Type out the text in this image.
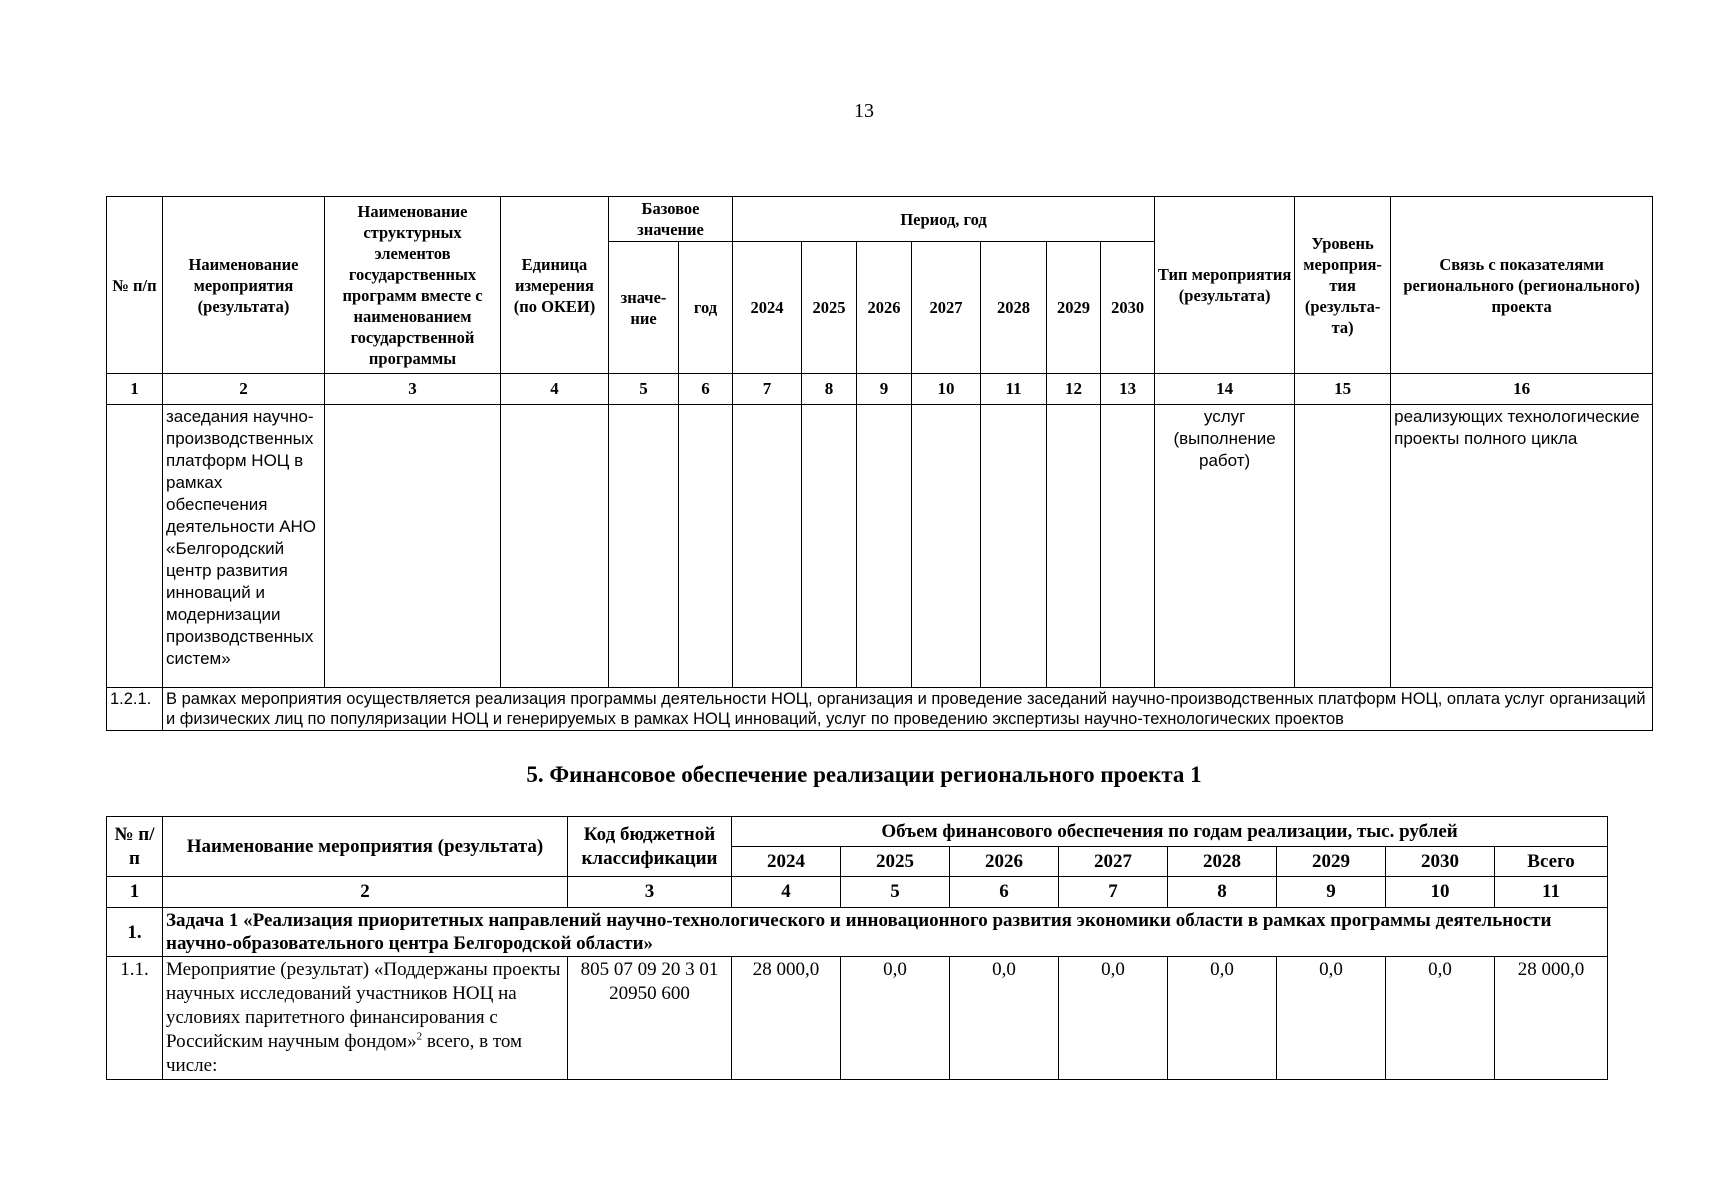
13
№ п/п	Наименование мероприятия (результата)	Наименование структурных элементов государственных программ вместе с наименованием государственной программы	Единица измерения (по ОКЕИ)	Базовое значение		Период, год							Тип мероприятия (результата)	Уровень мероприя-тия (результа-та)	Связь с показателями регионального (регионального) проекта
				значе-ние	год	2024	2025	2026	2027	2028	2029	2030			
1	2	3	4	5	6	7	8	9	10	11	12	13	14	15	16
	заседания научно-производственных платформ НОЦ в рамках обеспечения деятельности АНО «Белгородский центр развития инноваций и модернизации производственных систем»												услуг (выполнение работ)		реализующих технологические проекты полного цикла
1.2.1.	В рамках мероприятия осуществляется реализация программы деятельности НОЦ, организация и проведение заседаний научно-производственных платформ НОЦ, оплата услуг организаций и физических лиц по популяризации НОЦ и генерируемых в рамках НОЦ инноваций, услуг по проведению экспертизы научно-технологических проектов														
5. Финансовое обеспечение реализации регионального проекта 1
№ п/п	Наименование мероприятия (результата)	Код бюджетной классификации	Объем финансового обеспечения по годам реализации, тыс. рублей							
			2024	2025	2026	2027	2028	2029	2030	Всего
1	2	3	4	5	6	7	8	9	10	11
1.	Задача 1 «Реализация приоритетных направлений научно-технологического и инновационного развития экономики области в рамках программы деятельности научно-образовательного центра Белгородской области»									
1.1.	Мероприятие (результат) «Поддержаны проекты научных исследований участников НОЦ на условиях паритетного финансирования с Российским научным фондом»$^2$ всего, в том числе:	805 07 09 20 3 01 20950 600	28 000,0	0,0	0,0	0,0	0,0	0,0	0,0	28 000,0
